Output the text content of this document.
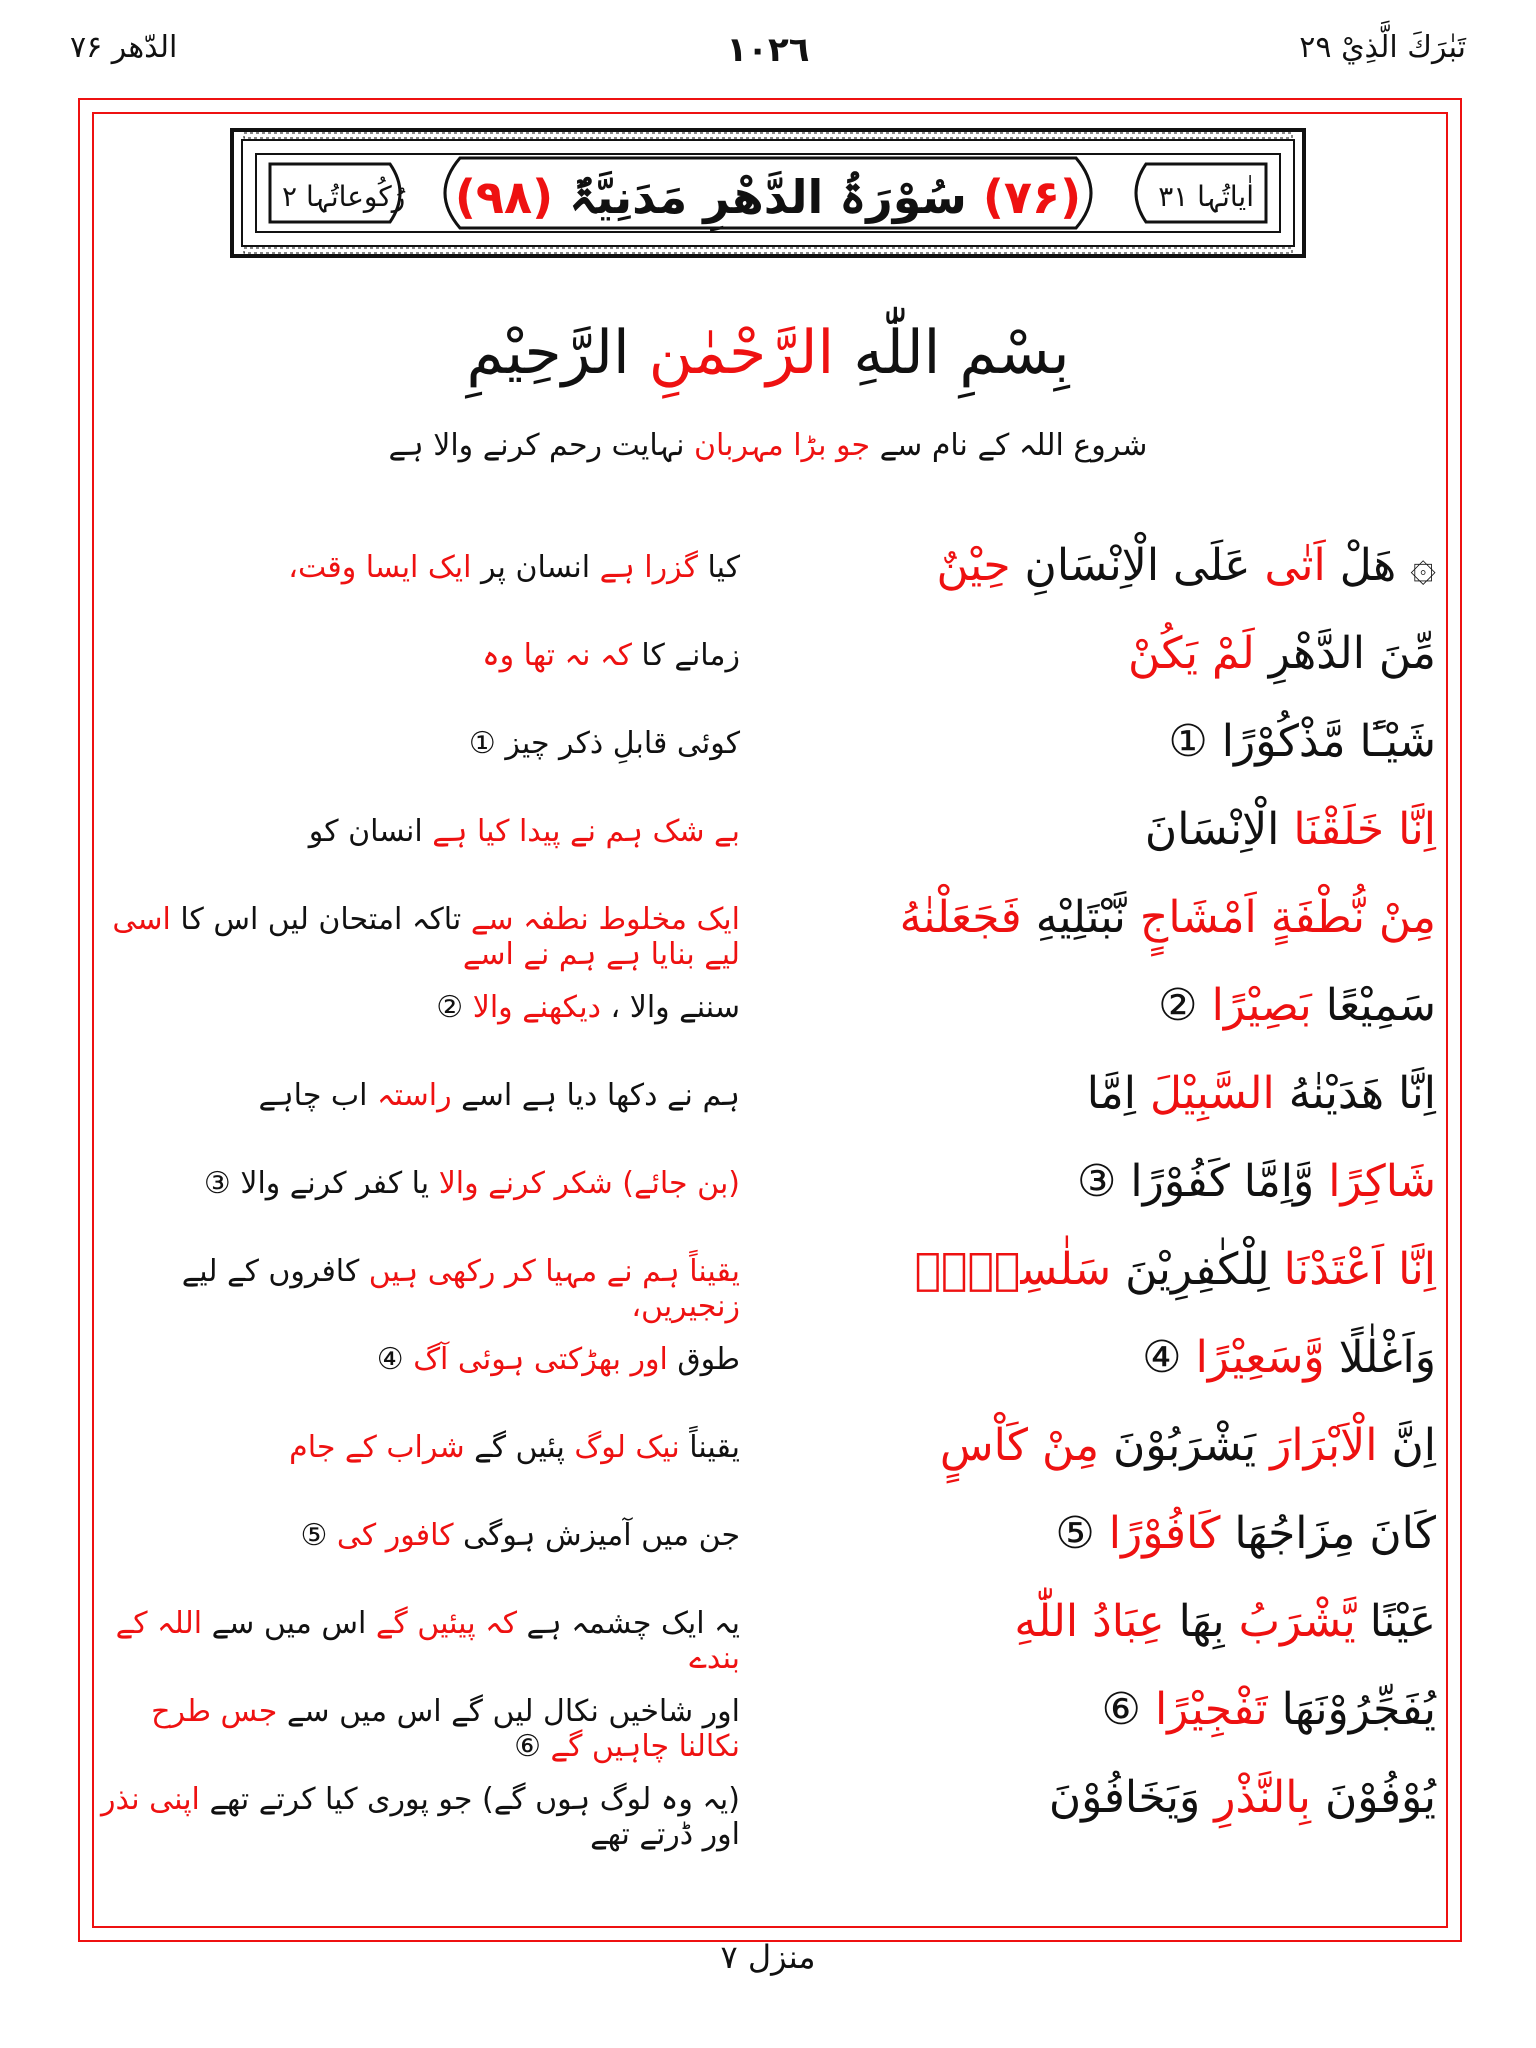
تَبٰرَكَ الَّذِيْ ۲۹
١٠٢٦
الدّھر ۷۶
اٰیاتُہا ۳۱
(۷۶) سُوْرَۃُ الدَّھْرِ مَدَنِیَّۃٌ (۹۸)
رُکُوعاتُہا ۲
بِسْمِ اللّٰهِ الرَّحْمٰنِ الرَّحِيْمِ
شروع اللہ کے نام سے جو بڑا مہربان نہایت رحم کرنے والا ہے
۞ هَلْ اَتٰى عَلَى الْاِنْسَانِ حِيْنٌ
کیا گزرا ہے انسان پر ایک ایسا وقت،
مِّنَ الدَّهْرِ لَمْ يَكُنْ
زمانے کا کہ نہ تھا وہ
شَيْـًٔا مَّذْكُوْرًا ①
کوئی قابلِ ذکر چیز ①
اِنَّا خَلَقْنَا الْاِنْسَانَ
بے شک ہم نے پیدا کیا ہے انسان کو
مِنْ نُّطْفَةٍ اَمْشَاجٍ نَّبْتَلِيْهِ فَجَعَلْنٰهُ
ایک مخلوط نطفہ سے تاکہ امتحان لیں اس کا اسی لیے بنایا ہے ہم نے اسے
سَمِيْعًا بَصِيْرًا ②
سننے والا ، دیکھنے والا ②
اِنَّا هَدَيْنٰهُ السَّبِيْلَ اِمَّا
ہم نے دکھا دیا ہے اسے راستہ اب چاہے
شَاكِرًا وَّاِمَّا كَفُوْرًا ③
(بن جائے) شکر کرنے والا یا کفر کرنے والا ③
اِنَّا اَعْتَدْنَا لِلْكٰفِرِيْنَ سَلٰسِلَا۟
یقیناً ہم نے مہیا کر رکھی ہیں کافروں کے لیے زنجیریں،
وَاَغْلٰلًا وَّسَعِيْرًا ④
طوق اور بھڑکتی ہوئی آگ ④
اِنَّ الْاَبْرَارَ يَشْرَبُوْنَ مِنْ كَاْسٍ
یقیناً نیک لوگ پئیں گے شراب کے جام
كَانَ مِزَاجُهَا كَافُوْرًا ⑤
جن میں آمیزش ہوگی کافور کی ⑤
عَيْنًا يَّشْرَبُ بِهَا عِبَادُ اللّٰهِ
یہ ایک چشمہ ہے کہ پیئیں گے اس میں سے اللہ کے بندے
يُفَجِّرُوْنَهَا تَفْجِيْرًا ⑥
اور شاخیں نکال لیں گے اس میں سے جس طرح نکالنا چاہیں گے ⑥
يُوْفُوْنَ بِالنَّذْرِ وَيَخَافُوْنَ
(یہ وہ لوگ ہوں گے) جو پوری کیا کرتے تھے اپنی نذر اور ڈرتے تھے
منزل ۷
